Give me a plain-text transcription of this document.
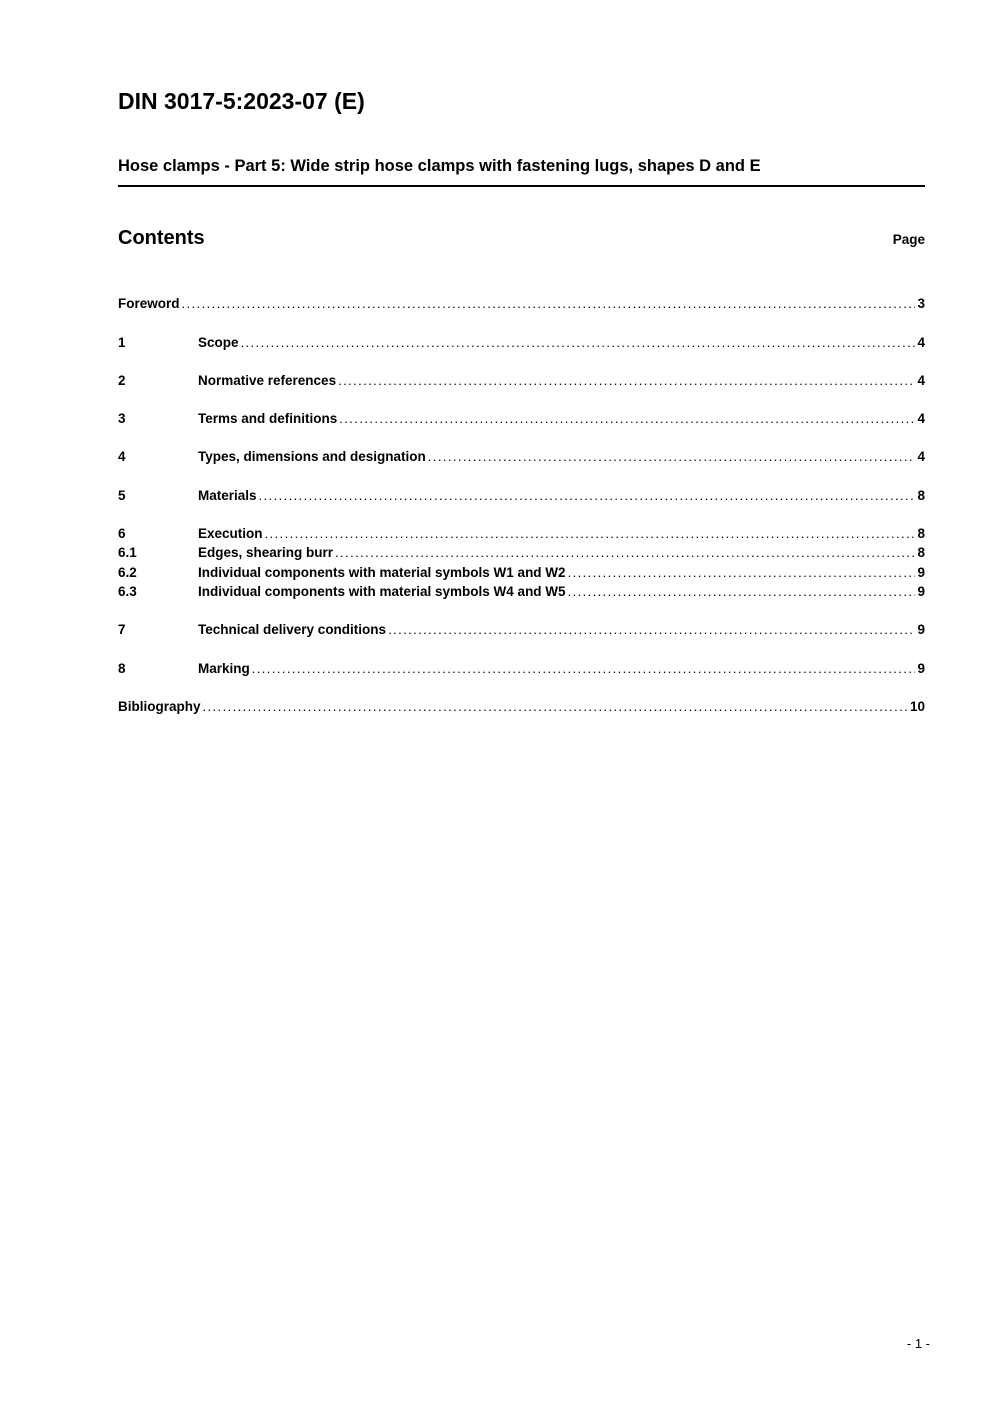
DIN 3017-5:2023-07 (E)
Hose clamps - Part 5: Wide strip hose clamps with fastening lugs, shapes D and E
Contents	Page
Foreword .....	3
1	Scope .....	4
2	Normative references .....	4
3	Terms and definitions .....	4
4	Types, dimensions and designation .....	4
5	Materials .....	8
6	Execution .....	8
6.1	Edges, shearing burr .....	8
6.2	Individual components with material symbols W1 and W2 .....	9
6.3	Individual components with material symbols W4 and W5 .....	9
7	Technical delivery conditions .....	9
8	Marking .....	9
Bibliography .....	10
- 1 -
